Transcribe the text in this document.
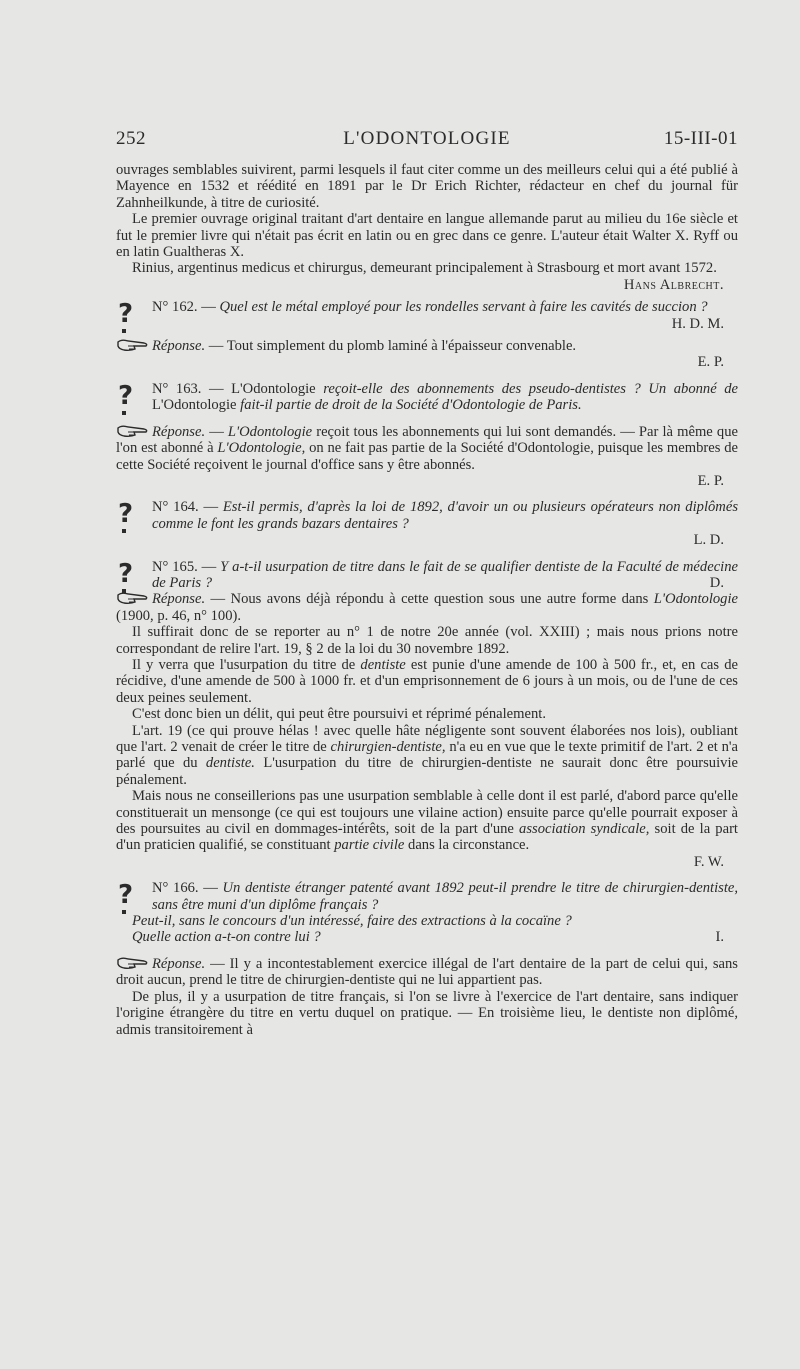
252	L'ODONTOLOGIE	15-III-01

ouvrages semblables suivirent, parmi lesquels il faut citer comme un des meilleurs celui qui a été publié à Mayence en 1532 et réédité en 1891 par le Dr Erich Richter, rédacteur en chef du journal für Zahnheilkunde, à titre de curiosité.

Le premier ouvrage original traitant d'art dentaire en langue allemande parut au milieu du 16e siècle et fut le premier livre qui n'était pas écrit en latin ou en grec dans ce genre. L'auteur était Walter X. Ryff ou en latin Gualtheras X.

Rinius, argentinus medicus et chirurgus, demeurant principalement à Strasbourg et mort avant 1572.

Hans Albrecht.

? N° 162. — Quel est le métal employé pour les rondelles servant à faire les cavités de succion ?

H. D. M.

Réponse. — Tout simplement du plomb laminé à l'épaisseur convenable.

E. P.

? N° 163. — L'Odontologie reçoit-elle des abonnements des pseudo-dentistes ? Un abonné de L'Odontologie fait-il partie de droit de la Société d'Odontologie de Paris.

Réponse. — L'Odontologie reçoit tous les abonnements qui lui sont demandés. — Par là même que l'on est abonné à L'Odontologie, on ne fait pas partie de la Société d'Odontologie, puisque les membres de cette Société reçoivent le journal d'office sans y être abonnés.

E. P.

? N° 164. — Est-il permis, d'après la loi de 1892, d'avoir un ou plusieurs opérateurs non diplômés comme le font les grands bazars dentaires ?

L. D.

? N° 165. — Y a-t-il usurpation de titre dans le fait de se qualifier dentiste de la Faculté de médecine de Paris ?	D.

Réponse. — Nous avons déjà répondu à cette question sous une autre forme dans L'Odontologie (1900, p. 46, n° 100).

Il suffirait donc de se reporter au n° 1 de notre 20e année (vol. XXIII) ; mais nous prions notre correspondant de relire l'art. 19, § 2 de la loi du 30 novembre 1892.

Il y verra que l'usurpation du titre de dentiste est punie d'une amende de 100 à 500 fr., et, en cas de récidive, d'une amende de 500 à 1000 fr. et d'un emprisonnement de 6 jours à un mois, ou de l'une de ces deux peines seulement.

C'est donc bien un délit, qui peut être poursuivi et réprimé pénalement.

L'art. 19 (ce qui prouve hélas ! avec quelle hâte négligente sont souvent élaborées nos lois), oubliant que l'art. 2 venait de créer le titre de chirurgien-dentiste, n'a eu en vue que le texte primitif de l'art. 2 et n'a parlé que du dentiste. L'usurpation du titre de chirurgien-dentiste ne saurait donc être poursuivie pénalement.

Mais nous ne conseillerions pas une usurpation semblable à celle dont il est parlé, d'abord parce qu'elle constituerait un mensonge (ce qui est toujours une vilaine action) ensuite parce qu'elle pourrait exposer à des poursuites au civil en dommages-intérêts, soit de la part d'une association syndicale, soit de la part d'un praticien qualifié, se constituant partie civile dans la circonstance.

F. W.

? N° 166. — Un dentiste étranger patenté avant 1892 peut-il prendre le titre de chirurgien-dentiste, sans être muni d'un diplôme français ?

Peut-il, sans le concours d'un intéressé, faire des extractions à la cocaïne ?

Quelle action a-t-on contre lui ?	I.

Réponse. — Il y a incontestablement exercice illégal de l'art dentaire de la part de celui qui, sans droit aucun, prend le titre de chirurgien-dentiste qui ne lui appartient pas.

De plus, il y a usurpation de titre français, si l'on se livre à l'exercice de l'art dentaire, sans indiquer l'origine étrangère du titre en vertu duquel on pratique. — En troisième lieu, le dentiste non diplômé, admis transitoirement à
